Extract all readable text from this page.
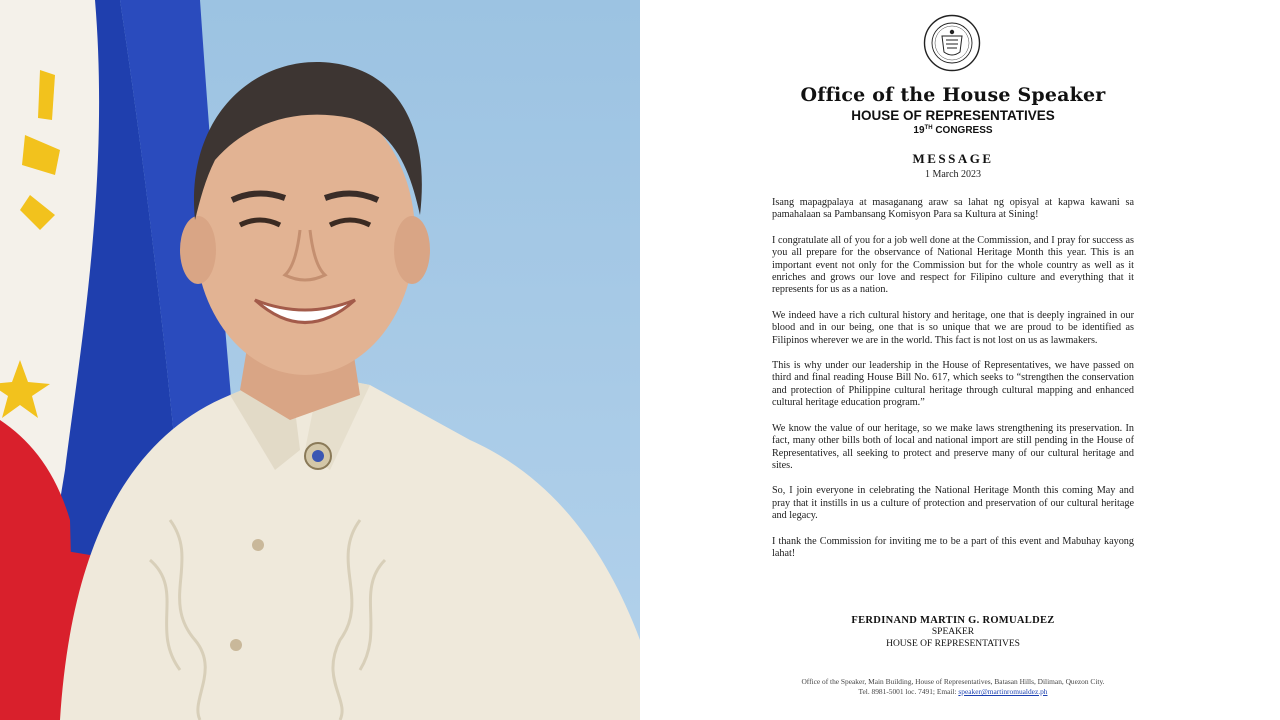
Office of the House Speaker
HOUSE OF REPRESENTATIVES
19TH CONGRESS
MESSAGE
1 March 2023

Isang mapagpalaya at masaganang araw sa lahat ng opisyal at kapwa kawani sa pamahalaan sa Pambansang Komisyon Para sa Kultura at Sining!

I congratulate all of you for a job well done at the Commission, and I pray for success as you all prepare for the observance of National Heritage Month this year. This is an important event not only for the Commission but for the whole country as well as it enriches and grows our love and respect for Filipino culture and everything that it represents for us as a nation.

We indeed have a rich cultural history and heritage, one that is deeply ingrained in our blood and in our being, one that is so unique that we are proud to be identified as Filipinos wherever we are in the world. This fact is not lost on us as lawmakers.

This is why under our leadership in the House of Representatives, we have passed on third and final reading House Bill No. 617, which seeks to “strengthen the conservation and protection of Philippine cultural heritage through cultural mapping and enhanced cultural heritage education program.”

We know the value of our heritage, so we make laws strengthening its preservation. In fact, many other bills both of local and national import are still pending in the House of Representatives, all seeking to protect and preserve many of our cultural heritage and sites.

So, I join everyone in celebrating the National Heritage Month this coming May and pray that it instills in us a culture of protection and preservation of our cultural heritage and legacy.

I thank the Commission for inviting me to be a part of this event and Mabuhay kayong lahat!

FERDINAND MARTIN G. ROMUALDEZ
SPEAKER
HOUSE OF REPRESENTATIVES
Office of the Speaker, Main Building, House of Representatives, Batasan Hills, Diliman, Quezon City.
Tel. 8981-5001 loc. 7491; Email: speaker@martinromualdez.ph
